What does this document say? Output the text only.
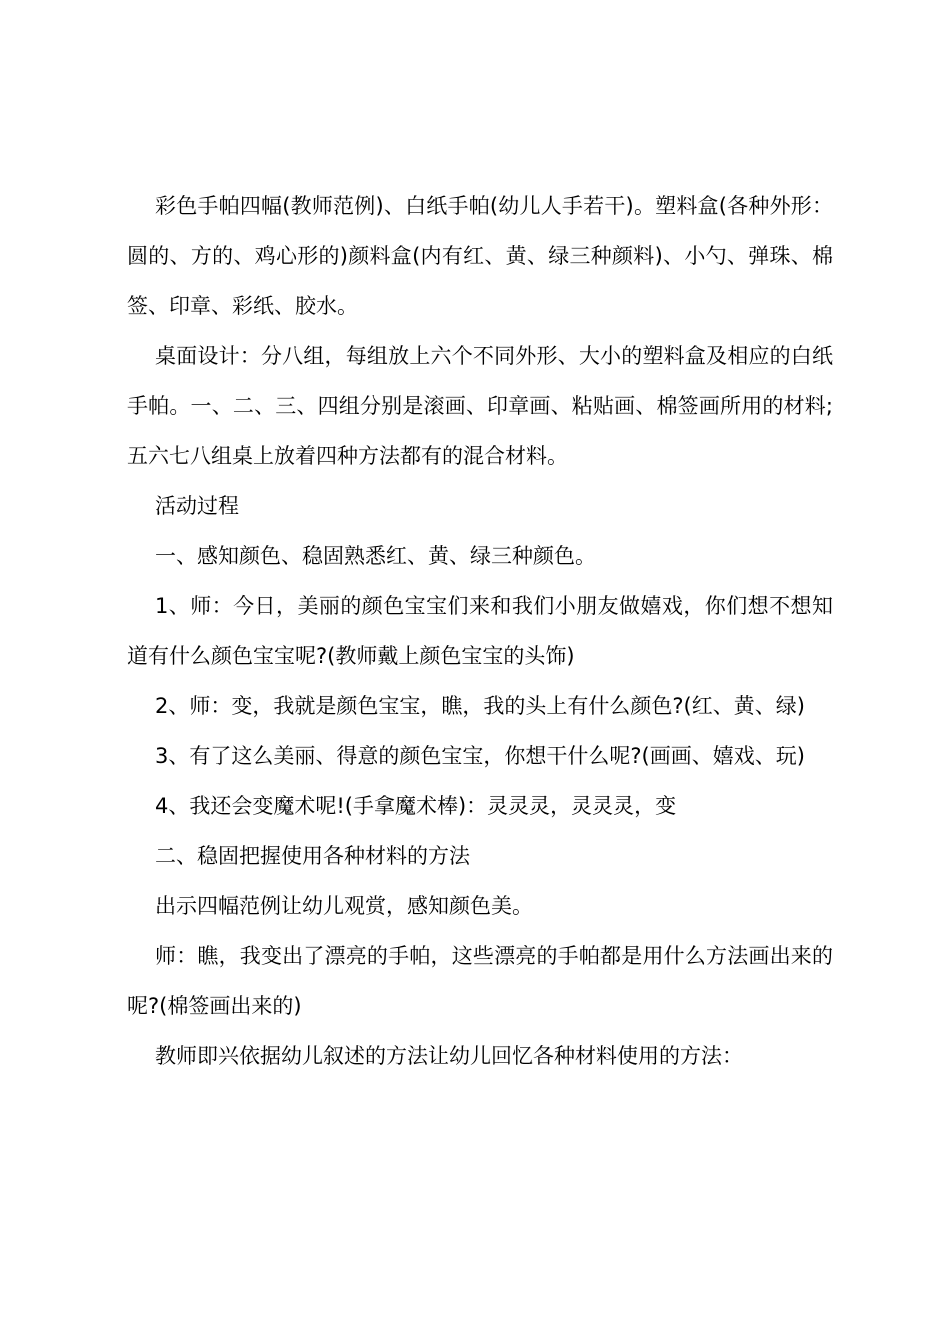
彩色手帕四幅(教师范例)、白纸手帕(幼儿人手若干)。塑料盒(各种外形：圆的、方的、鸡心形的)颜料盒(内有红、黄、绿三种颜料)、小勺、弹珠、棉签、印章、彩纸、胶水。

桌面设计：分八组，每组放上六个不同外形、大小的塑料盒及相应的白纸手帕。一、二、三、四组分别是滚画、印章画、粘贴画、棉签画所用的材料;五六七八组桌上放着四种方法都有的混合材料。

活动过程

一、感知颜色、稳固熟悉红、黄、绿三种颜色。

1、师：今日，美丽的颜色宝宝们来和我们小朋友做嬉戏，你们想不想知道有什么颜色宝宝呢?(教师戴上颜色宝宝的头饰)

2、师：变，我就是颜色宝宝，瞧，我的头上有什么颜色?(红、黄、绿)

3、有了这么美丽、得意的颜色宝宝，你想干什么呢?(画画、嬉戏、玩)

4、我还会变魔术呢!(手拿魔术棒)：灵灵灵，灵灵灵，变

二、稳固把握使用各种材料的方法

出示四幅范例让幼儿观赏，感知颜色美。

师：瞧，我变出了漂亮的手帕，这些漂亮的手帕都是用什么方法画出来的呢?(棉签画出来的)

教师即兴依据幼儿叙述的方法让幼儿回忆各种材料使用的方法：
